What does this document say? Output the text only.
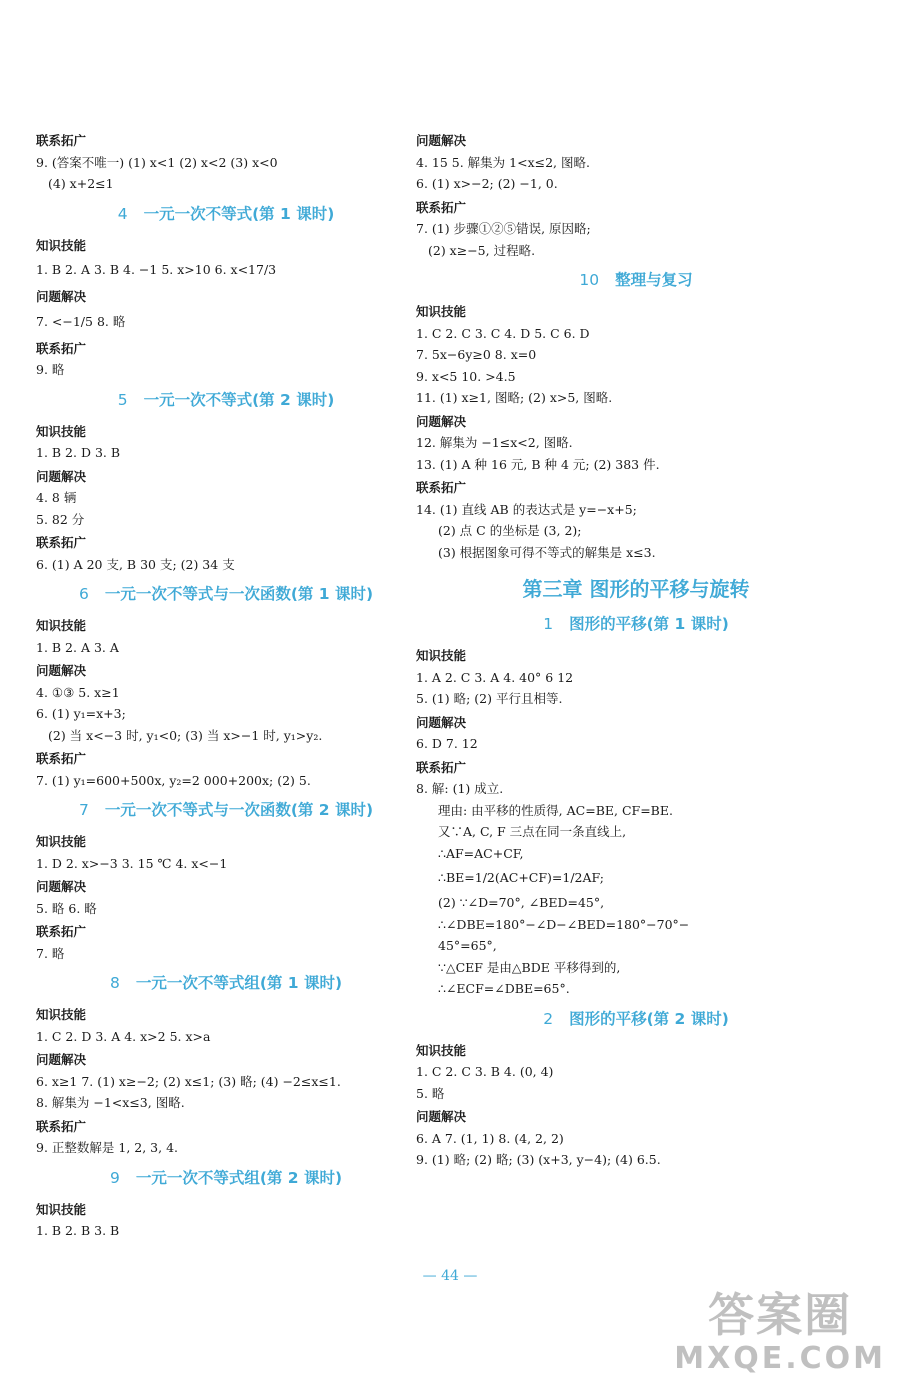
联系拓广
9. (答案不唯一) (1) x<1 (2) x<2 (3) x<0
(4) x+2≤1
4 一元一次不等式(第 1 课时)
知识技能
1. B 2. A 3. B 4. −1 5. x>10 6. x<17/3
问题解决
7. <−1/5 8. 略
联系拓广
9. 略
5 一元一次不等式(第 2 课时)
知识技能
1. B 2. D 3. B
问题解决
4. 8 辆
5. 82 分
联系拓广
6. (1) A 20 支, B 30 支; (2) 34 支
6 一元一次不等式与一次函数(第 1 课时)
知识技能
1. B 2. A 3. A
问题解决
4. ①③ 5. x≥1
6. (1) y₁=x+3;
(2) 当 x<−3 时, y₁<0; (3) 当 x>−1 时, y₁>y₂.
联系拓广
7. (1) y₁=600+500x, y₂=2 000+200x; (2) 5.
7 一元一次不等式与一次函数(第 2 课时)
知识技能
1. D 2. x>−3 3. 15 ℃ 4. x<−1
问题解决
5. 略 6. 略
联系拓广
7. 略
8 一元一次不等式组(第 1 课时)
知识技能
1. C 2. D 3. A 4. x>2 5. x>a
问题解决
6. x≥1 7. (1) x≥−2; (2) x≤1; (3) 略; (4) −2≤x≤1.
8. 解集为 −1<x≤3, 图略.
联系拓广
9. 正整数解是 1, 2, 3, 4.
9 一元一次不等式组(第 2 课时)
知识技能
1. B 2. B 3. B
问题解决
4. 15 5. 解集为 1<x≤2, 图略.
6. (1) x>−2; (2) −1, 0.
联系拓广
7. (1) 步骤①②⑤错误, 原因略;
(2) x≥−5, 过程略.
10 整理与复习
知识技能
1. C 2. C 3. C 4. D 5. C 6. D
7. 5x−6y≥0 8. x=0
9. x<5 10. >4.5
11. (1) x≥1, 图略; (2) x>5, 图略.
问题解决
12. 解集为 −1≤x<2, 图略.
13. (1) A 种 16 元, B 种 4 元; (2) 383 件.
联系拓广
14. (1) 直线 AB 的表达式是 y=−x+5;
(2) 点 C 的坐标是 (3, 2);
(3) 根据图象可得不等式的解集是 x≤3.
第三章 图形的平移与旋转
1 图形的平移(第 1 课时)
知识技能
1. A 2. C 3. A 4. 40° 6 12
5. (1) 略; (2) 平行且相等.
问题解决
6. D 7. 12
联系拓广
8. 解: (1) 成立.
理由: 由平移的性质得, AC=BE, CF=BE.
又∵A, C, F 三点在同一条直线上,
∴AF=AC+CF,
∴BE=1/2(AC+CF)=1/2AF;
(2) ∵∠D=70°, ∠BED=45°,
∴∠DBE=180°−∠D−∠BED=180°−70°−
45°=65°,
∵△CEF 是由△BDE 平移得到的,
∴∠ECF=∠DBE=65°.
2 图形的平移(第 2 课时)
知识技能
1. C 2. C 3. B 4. (0, 4)
5. 略
问题解决
6. A 7. (1, 1) 8. (4, 2, 2)
9. (1) 略; (2) 略; (3) (x+3, y−4); (4) 6.5.
— 44 —
答案圈
MXQE.COM
